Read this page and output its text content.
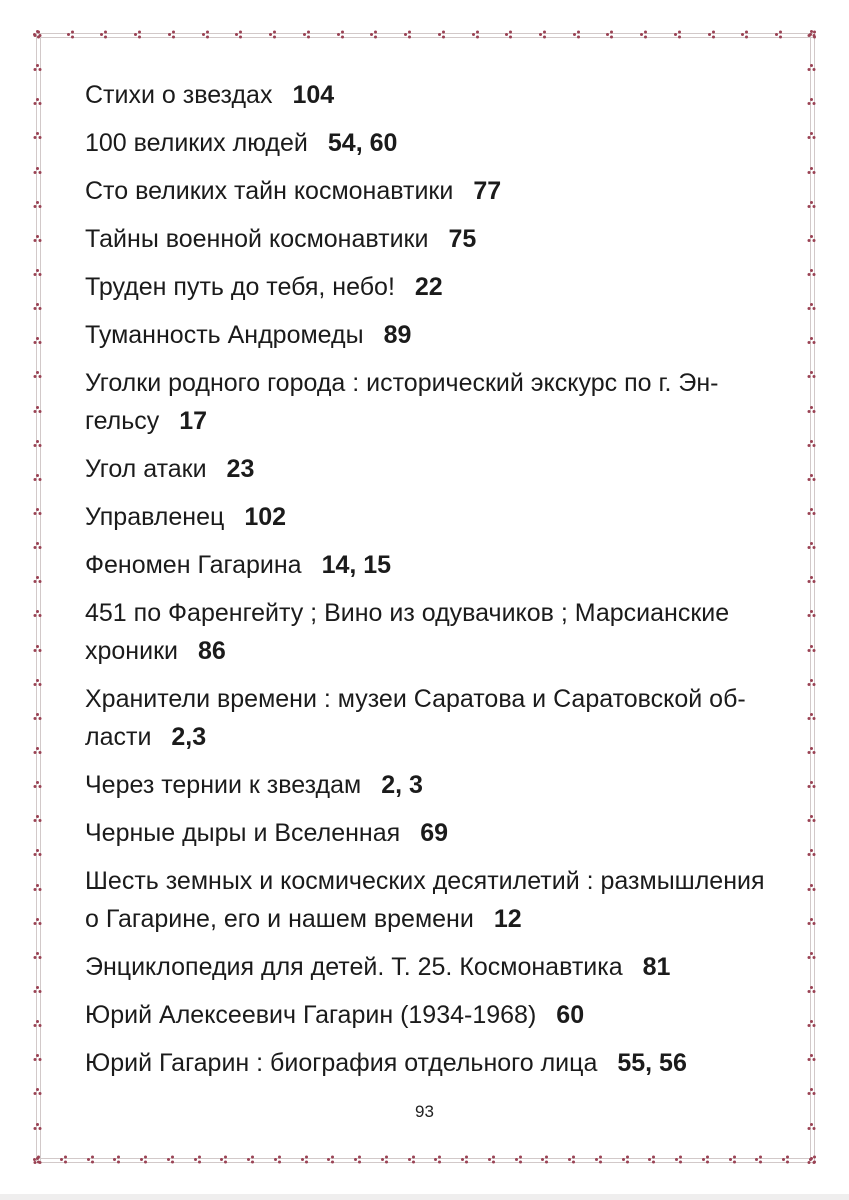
Стихи о звездах 104
100 великих людей 54, 60
Сто великих тайн космонавтики 77
Тайны военной космонавтики 75
Труден путь до тебя, небо! 22
Туманность Андромеды 89
Уголки родного города : исторический экскурс по г. Эн-гельсу 17
Угол атаки 23
Управленец 102
Феномен Гагарина 14, 15
451 по Фаренгейту ; Вино из одувачиков ; Марсианские хроники 86
Хранители времени : музеи Саратова и Саратовской об-ласти 2,3
Через тернии к звездам 2, 3
Черные дыры и Вселенная 69
Шесть земных и космических десятилетий : размышления о Гагарине, его и нашем времени 12
Энциклопедия для детей. Т. 25. Космонавтика 81
Юрий Алексеевич Гагарин (1934-1968) 60
Юрий Гагарин : биография отдельного лица 55, 56
93
